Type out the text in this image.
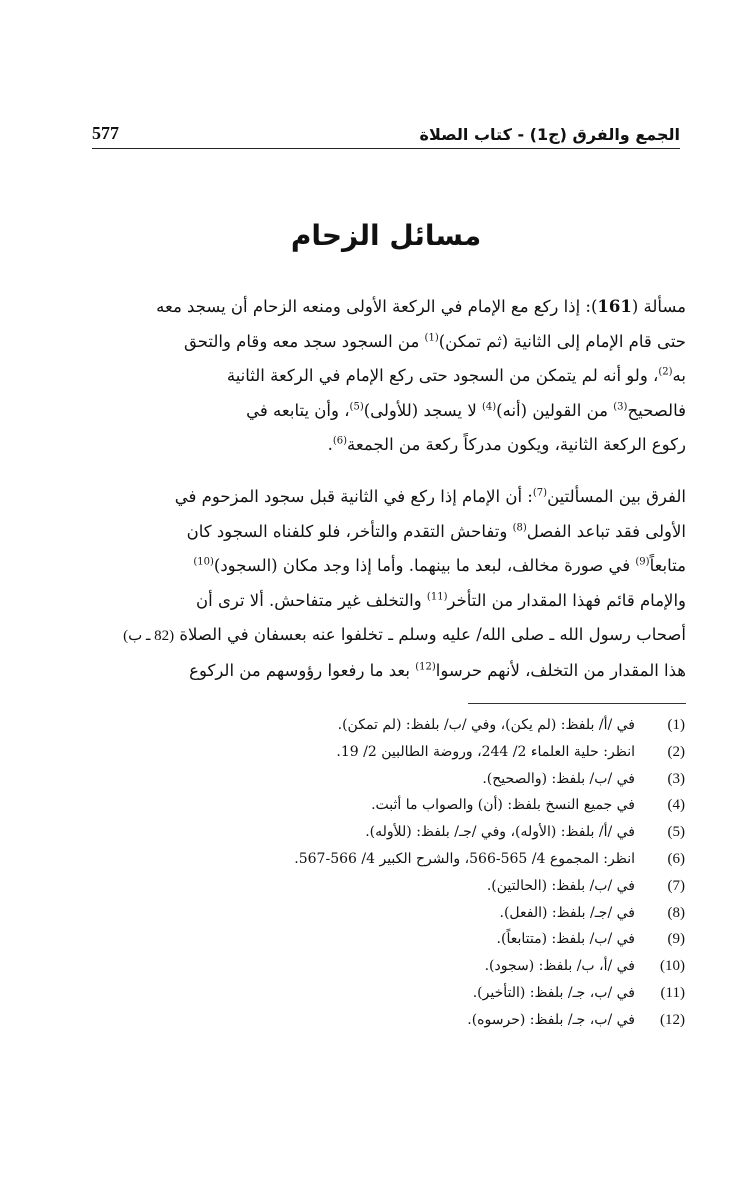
الجمع والفرق (ج1) - كتاب الصلاة
577
مسائل الزحام
مسألة (161): إذا ركع مع الإمام في الركعة الأولى ومنعه الزحام أن يسجد معه
حتى قام الإمام إلى الثانية (ثم تمكن)$^{(1)}$ من السجود سجد معه وقام والتحق
به$^{(2)}$، ولو أنه لم يتمكن من السجود حتى ركع الإمام في الركعة الثانية
فالصحيح$^{(3)}$ من القولين (أنه)$^{(4)}$ لا يسجد (للأولى)$^{(5)}$، وأن يتابعه في
ركوع الركعة الثانية، ويكون مدركاً ركعة من الجمعة$^{(6)}$.
الفرق بين المسألتين$^{(7)}$: أن الإمام إذا ركع في الثانية قبل سجود المزحوم في
الأولى فقد تباعد الفصل$^{(8)}$ وتفاحش التقدم والتأخر، فلو كلفناه السجود كان
متابعاً$^{(9)}$ في صورة مخالف، لبعد ما بينهما. وأما إذا وجد مكان (السجود)$^{(10)}$
والإمام قائم فهذا المقدار من التأخر$^{(11)}$ والتخلف غير متفاحش. ألا ترى أن
أصحاب رسول الله ـ صلى الله/ عليه وسلم ـ تخلفوا عنه بعسفان في الصلاة (82 ـ ب)
هذا المقدار من التخلف، لأنهم حرسوا$^{(12)}$ بعد ما رفعوا رؤوسهم من الركوع
(1)
في /أ/ بلفظ: (لم يكن)، وفي /ب/ بلفظ: (لم تمكن).
(2)
انظر: حلية العلماء 2/ 244، وروضة الطالبين 2/ 19.
(3)
في /ب/ بلفظ: (والصحيح).
(4)
في جميع النسخ بلفظ: (أن) والصواب ما أثبت.
(5)
في /أ/ بلفظ: (الأوله)، وفي /جـ/ بلفظ: (للأوله).
(6)
انظر: المجموع 4/ 565-566، والشرح الكبير 4/ 566-567.
(7)
في /ب/ بلفظ: (الحالتين).
(8)
في /جـ/ بلفظ: (الفعل).
(9)
في /ب/ بلفظ: (متتابعاً).
(10)
في /أ، ب/ بلفظ: (سجود).
(11)
في /ب، جـ/ بلفظ: (التأخير).
(12)
في /ب، جـ/ بلفظ: (حرسوه).
